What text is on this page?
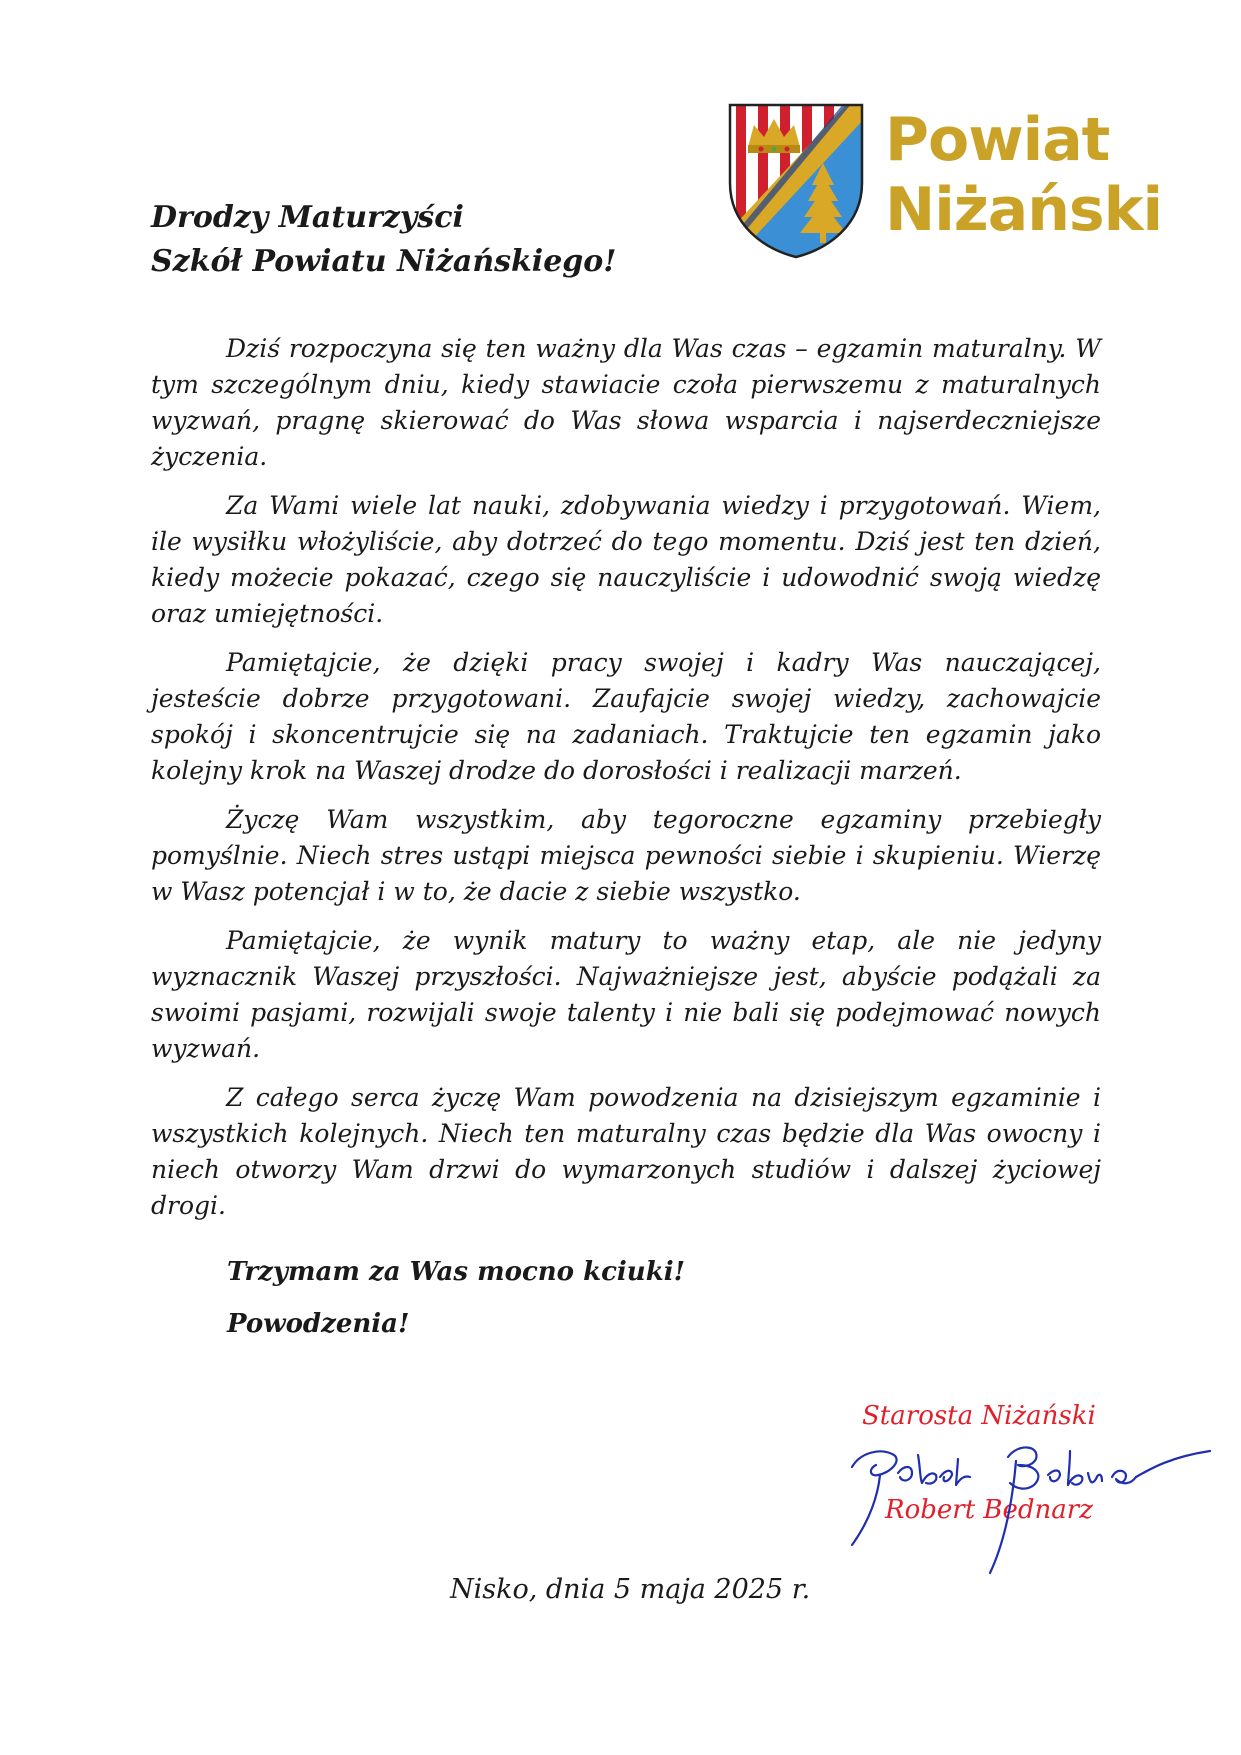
Powiat
Niżański
Drodzy Maturzyści
Szkół Powiatu Niżańskiego!

Dziś rozpoczyna się ten ważny dla Was czas – egzamin maturalny. W tym szczególnym dniu, kiedy stawiacie czoła pierwszemu z maturalnych wyzwań, pragnę skierować do Was słowa wsparcia i najserdeczniejsze życzenia.

Za Wami wiele lat nauki, zdobywania wiedzy i przygotowań. Wiem, ile wysiłku włożyliście, aby dotrzeć do tego momentu. Dziś jest ten dzień, kiedy możecie pokazać, czego się nauczyliście i udowodnić swoją wiedzę oraz umiejętności.

Pamiętajcie, że dzięki pracy swojej i kadry Was nauczającej, jesteście dobrze przygotowani. Zaufajcie swojej wiedzy, zachowajcie spokój i skoncentrujcie się na zadaniach. Traktujcie ten egzamin jako kolejny krok na Waszej drodze do dorosłości i realizacji marzeń.

Życzę Wam wszystkim, aby tegoroczne egzaminy przebiegły pomyślnie. Niech stres ustąpi miejsca pewności siebie i skupieniu. Wierzę w Wasz potencjał i w to, że dacie z siebie wszystko.

Pamiętajcie, że wynik matury to ważny etap, ale nie jedyny wyznacznik Waszej przyszłości. Najważniejsze jest, abyście podążali za swoimi pasjami, rozwijali swoje talenty i nie bali się podejmować nowych wyzwań.

Z całego serca życzę Wam powodzenia na dzisiejszym egzaminie i wszystkich kolejnych. Niech ten maturalny czas będzie dla Was owocny i niech otworzy Wam drzwi do wymarzonych studiów i dalszej życiowej drogi.

Trzymam za Was mocno kciuki!
Powodzenia!
Starosta Niżański
Robert Bednarz
Nisko, dnia 5 maja 2025 r.
